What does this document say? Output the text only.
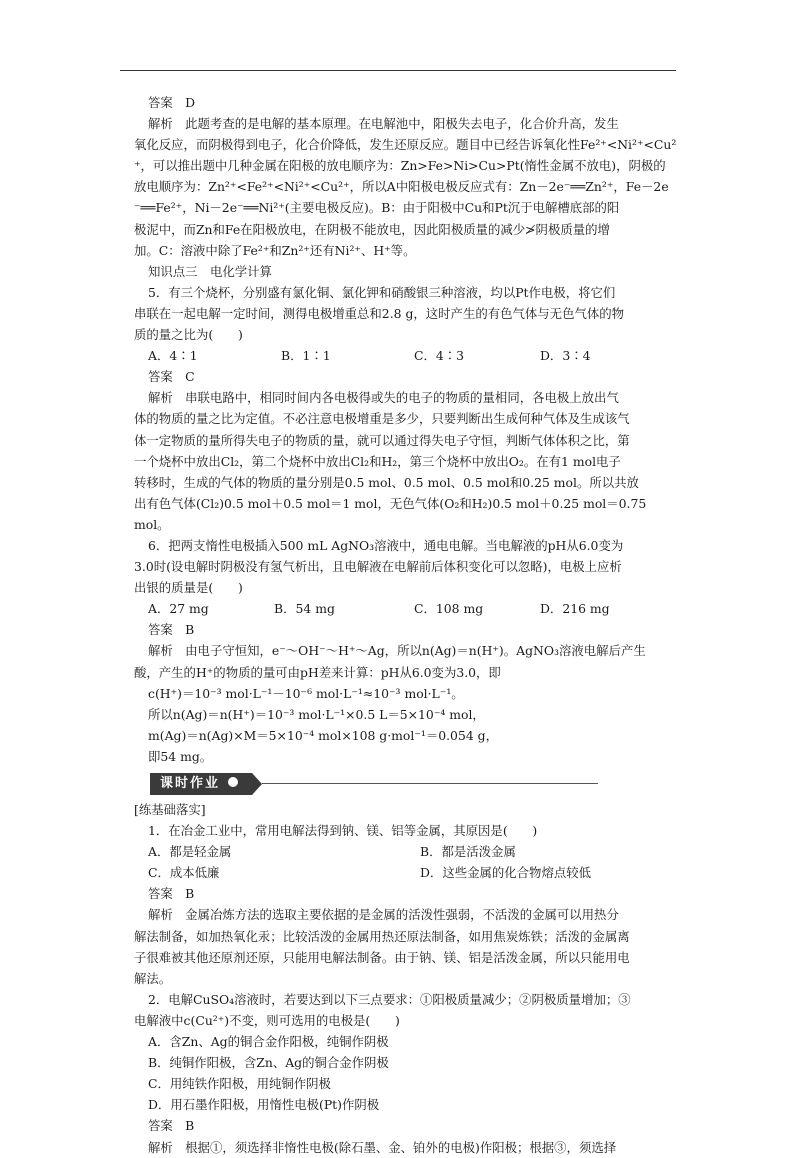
答案　D
解析　此题考查的是电解的基本原理。在电解池中，阳极失去电子，化合价升高，发生
氧化反应，而阴极得到电子，化合价降低，发生还原反应。题目中已经告诉氧化性Fe²⁺<Ni²⁺<Cu²
⁺，可以推出题中几种金属在阳极的放电顺序为：Zn>Fe>Ni>Cu>Pt(惰性金属不放电)，阴极的
放电顺序为：Zn²⁺<Fe²⁺<Ni²⁺<Cu²⁺，所以A中阳极电极反应式有：Zn－2e⁻══Zn²⁺，Fe－2e
⁻══Fe²⁺，Ni－2e⁻══Ni²⁺(主要电极反应)。B：由于阳极中Cu和Pt沉于电解槽底部的阳
极泥中，而Zn和Fe在阳极放电，在阴极不能放电，因此阳极质量的减少≯阴极质量的增
加。C：溶液中除了Fe²⁺和Zn²⁺还有Ni²⁺、H⁺等。
知识点三　电化学计算
5．有三个烧杯，分别盛有氯化铜、氯化钾和硝酸银三种溶液，均以Pt作电极，将它们
串联在一起电解一定时间，测得电极增重总和2.8 g，这时产生的有色气体与无色气体的物
质的量之比为(　　)
A．4∶1	B．1∶1	C．4∶3	D．3∶4
答案　C
解析　串联电路中，相同时间内各电极得或失的电子的物质的量相同，各电极上放出气
体的物质的量之比为定值。不必注意电极增重是多少，只要判断出生成何种气体及生成该气
体一定物质的量所得失电子的物质的量，就可以通过得失电子守恒，判断气体体积之比，第
一个烧杯中放出Cl₂，第二个烧杯中放出Cl₂和H₂，第三个烧杯中放出O₂。在有1 mol电子
转移时，生成的气体的物质的量分别是0.5 mol、0.5 mol、0.5 mol和0.25 mol。所以共放
出有色气体(Cl₂)0.5 mol＋0.5 mol＝1 mol，无色气体(O₂和H₂)0.5 mol＋0.25 mol＝0.75
mol。
6．把两支惰性电极插入500 mL AgNO₃溶液中，通电电解。当电解液的pH从6.0变为
3.0时(设电解时阴极没有氢气析出，且电解液在电解前后体积变化可以忽略)，电极上应析
出银的质量是(　　)
A．27 mg	B．54 mg	C．108 mg	D．216 mg
答案　B
解析　由电子守恒知，e⁻～OH⁻～H⁺～Ag，所以n(Ag)＝n(H⁺)。AgNO₃溶液电解后产生
酸，产生的H⁺的物质的量可由pH差来计算：pH从6.0变为3.0，即
c(H⁺)＝10⁻³ mol·L⁻¹－10⁻⁶ mol·L⁻¹≈10⁻³ mol·L⁻¹。
所以n(Ag)＝n(H⁺)＝10⁻³ mol·L⁻¹×0.5 L＝5×10⁻⁴ mol，
m(Ag)＝n(Ag)×M＝5×10⁻⁴ mol×108 g·mol⁻¹＝0.054 g，
即54 mg。
课时作业
[练基础落实]
1．在冶金工业中，常用电解法得到钠、镁、铝等金属，其原因是(　　)
A．都是轻金属	B．都是活泼金属
C．成本低廉	D．这些金属的化合物熔点较低
答案　B
解析　金属冶炼方法的选取主要依据的是金属的活泼性强弱，不活泼的金属可以用热分
解法制备，如加热氧化汞；比较活泼的金属用热还原法制备，如用焦炭炼铁；活泼的金属离
子很难被其他还原剂还原，只能用电解法制备。由于钠、镁、铝是活泼金属，所以只能用电
解法。
2．电解CuSO₄溶液时，若要达到以下三点要求：①阳极质量减少；②阴极质量增加；③
电解液中c(Cu²⁺)不变，则可选用的电极是(　　)
A．含Zn、Ag的铜合金作阳极，纯铜作阴极
B．纯铜作阳极，含Zn、Ag的铜合金作阴极
C．用纯铁作阳极，用纯铜作阴极
D．用石墨作阳极，用惰性电极(Pt)作阴极
答案　B
解析　根据①，须选择非惰性电极(除石墨、金、铂外的电极)作阳极；根据③，须选择
